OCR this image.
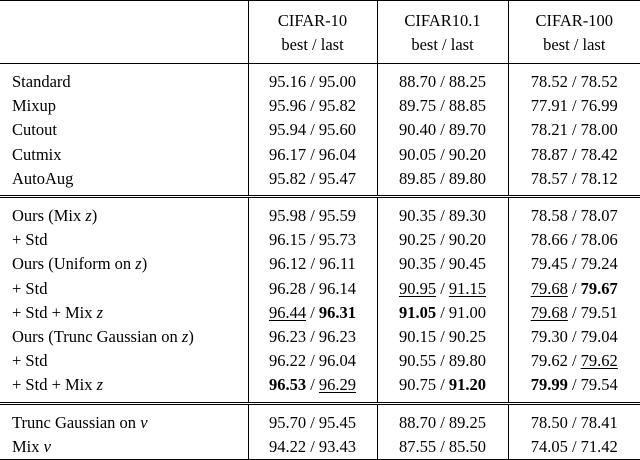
	CIFAR-10	CIFAR10.1	CIFAR-100
	best / last	best / last	best / last
Standard	95.16 / 95.00	88.70 / 88.25	78.52 / 78.52
Mixup	95.96 / 95.82	89.75 / 88.85	77.91 / 76.99
Cutout	95.94 / 95.60	90.40 / 89.70	78.21 / 78.00
Cutmix	96.17 / 96.04	90.05 / 90.20	78.87 / 78.42
AutoAug	95.82 / 95.47	89.85 / 89.80	78.57 / 78.12
Ours (Mix z)	95.98 / 95.59	90.35 / 89.30	78.58 / 78.07
+ Std	96.15 / 95.73	90.25 / 90.20	78.66 / 78.06
Ours (Uniform on z)	96.12 / 96.11	90.35 / 90.45	79.45 / 79.24
+ Std	96.28 / 96.14	90.95 / 91.15	79.68 / 79.67
+ Std + Mix z	96.44 / 96.31	91.05 / 91.00	79.68 / 79.51
Ours (Trunc Gaussian on z)	96.23 / 96.23	90.15 / 90.25	79.30 / 79.04
+ Std	96.22 / 96.04	90.55 / 89.80	79.62 / 79.62
+ Std + Mix z	96.53 / 96.29	90.75 / 91.20	79.99 / 79.54
Trunc Gaussian on ν	95.70 / 95.45	88.70 / 89.25	78.50 / 78.41
Mix ν	94.22 / 93.43	87.55 / 85.50	74.05 / 71.42
